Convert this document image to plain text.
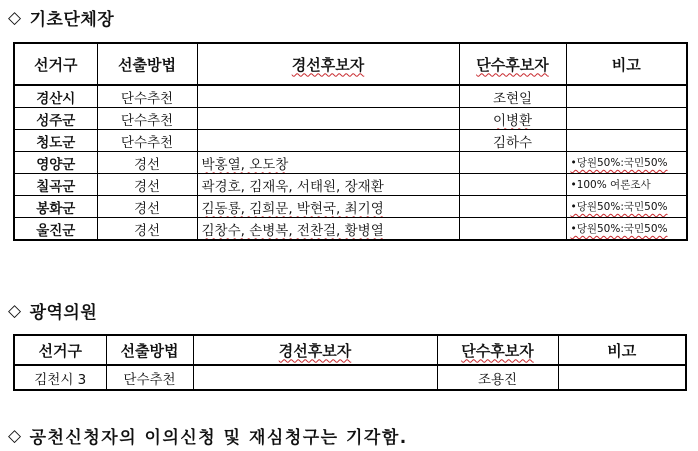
◇ 기초단체장
선거구	선출방법	경선후보자	단수후보자	비고
경산시	단수추천		조현일	
성주군	단수추천		이병환	
청도군	단수추천		김하수	
영양군	경선	박홍열, 오도창		•당원50%:국민50%
칠곡군	경선	곽경호, 김재욱, 서태원, 장재환		•100% 여론조사
봉화군	경선	김동룡, 김희문, 박현국, 최기영		•당원50%:국민50%
울진군	경선	김창수, 손병복, 전찬걸, 황병열		•당원50%:국민50%
◇ 광역의원
선거구	선출방법	경선후보자	단수후보자	비고
김천시 3	단수추천		조용진	
◇ 공천신청자의 이의신청 및 재심청구는 기각함.
